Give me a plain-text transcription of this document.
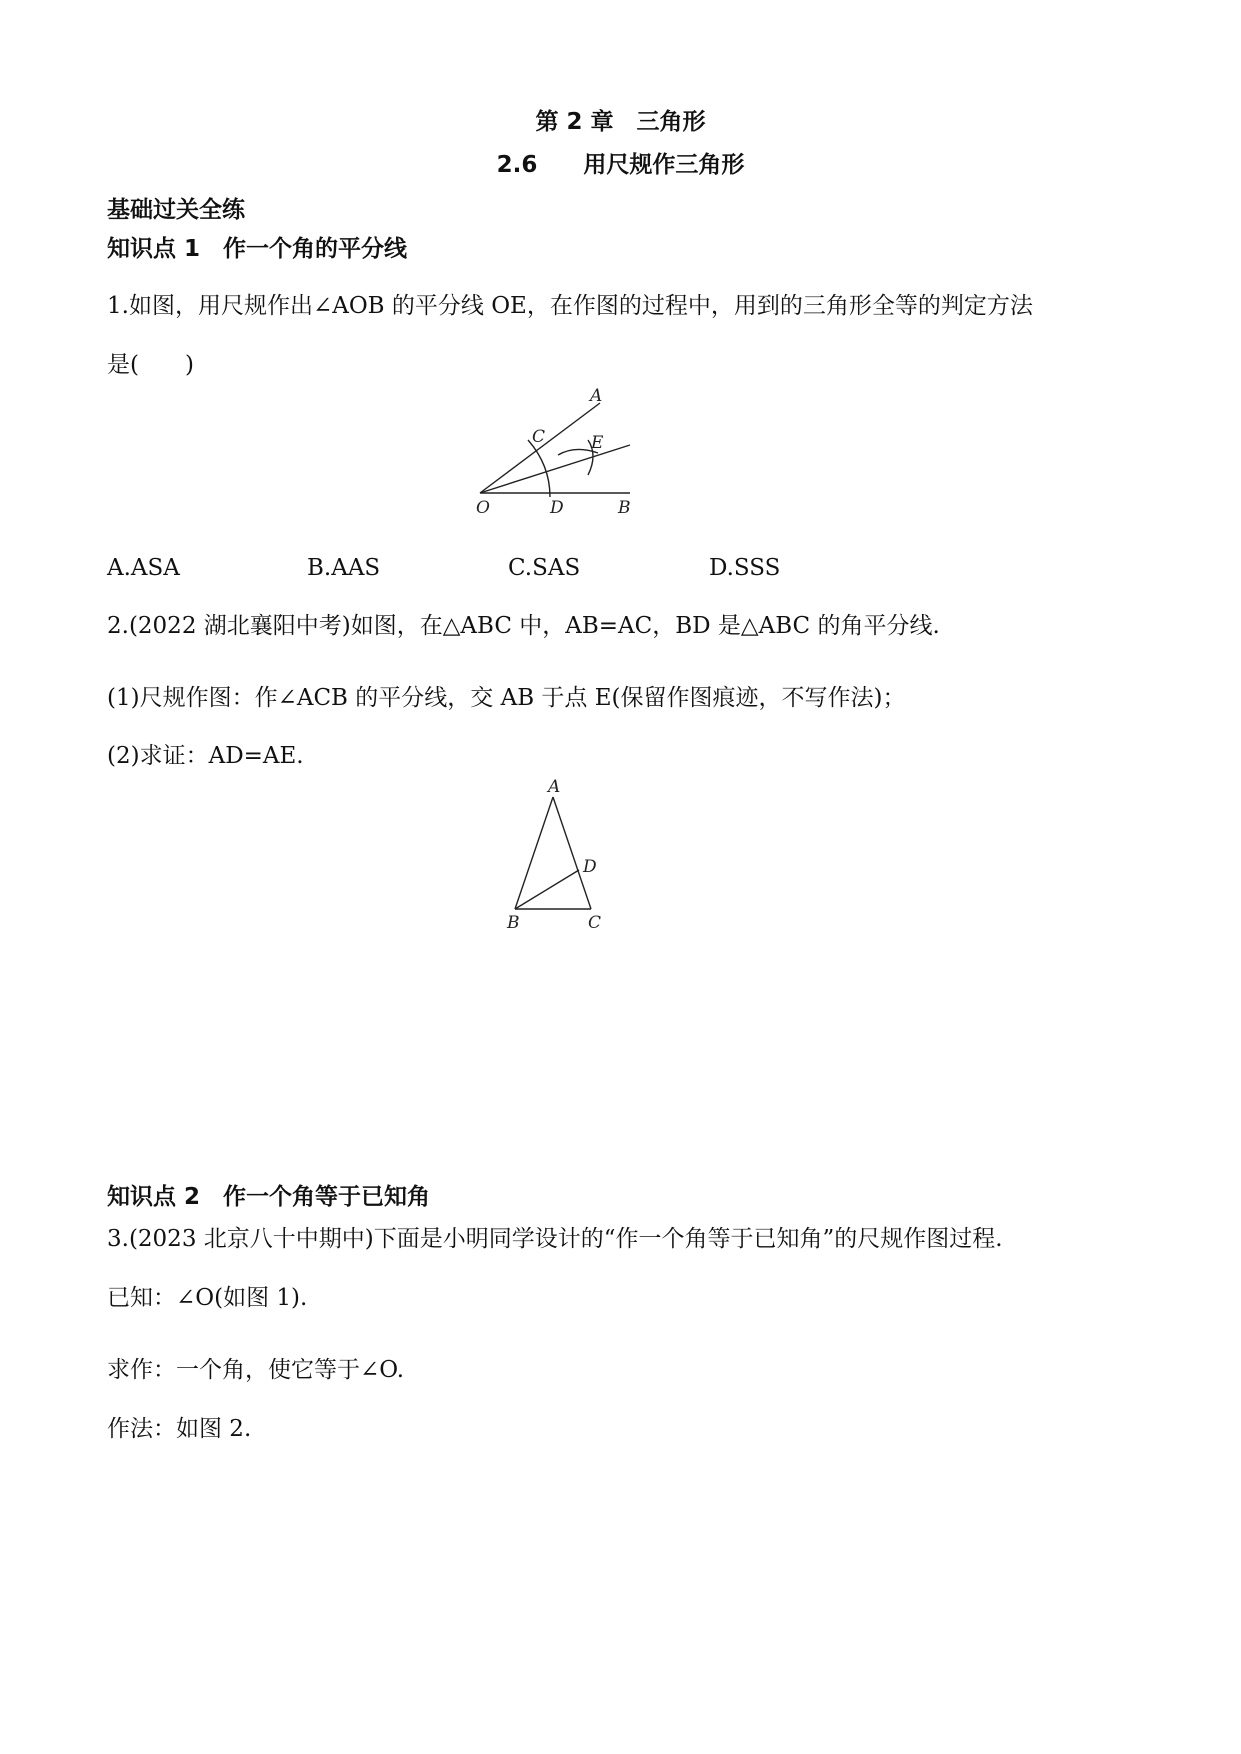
第 2 章　三角形
2.6　　用尺规作三角形
基础过关全练
知识点 1　作一个角的平分线
1.如图，用尺规作出∠AOB 的平分线 OE，在作图的过程中，用到的三角形全等的判定方法
是(　　)
A
C	E
O	D	B
A.ASA	B.AAS	C.SAS	D.SSS
2.(2022 湖北襄阳中考)如图，在△ABC 中，AB=AC，BD 是△ABC 的角平分线.
(1)尺规作图：作∠ACB 的平分线，交 AB 于点 E(保留作图痕迹，不写作法)；
(2)求证：AD=AE.
A
D
B	C
知识点 2　作一个角等于已知角
3.(2023 北京八十中期中)下面是小明同学设计的“作一个角等于已知角”的尺规作图过程.
已知：∠O(如图 1).
求作：一个角，使它等于∠O.
作法：如图 2.
